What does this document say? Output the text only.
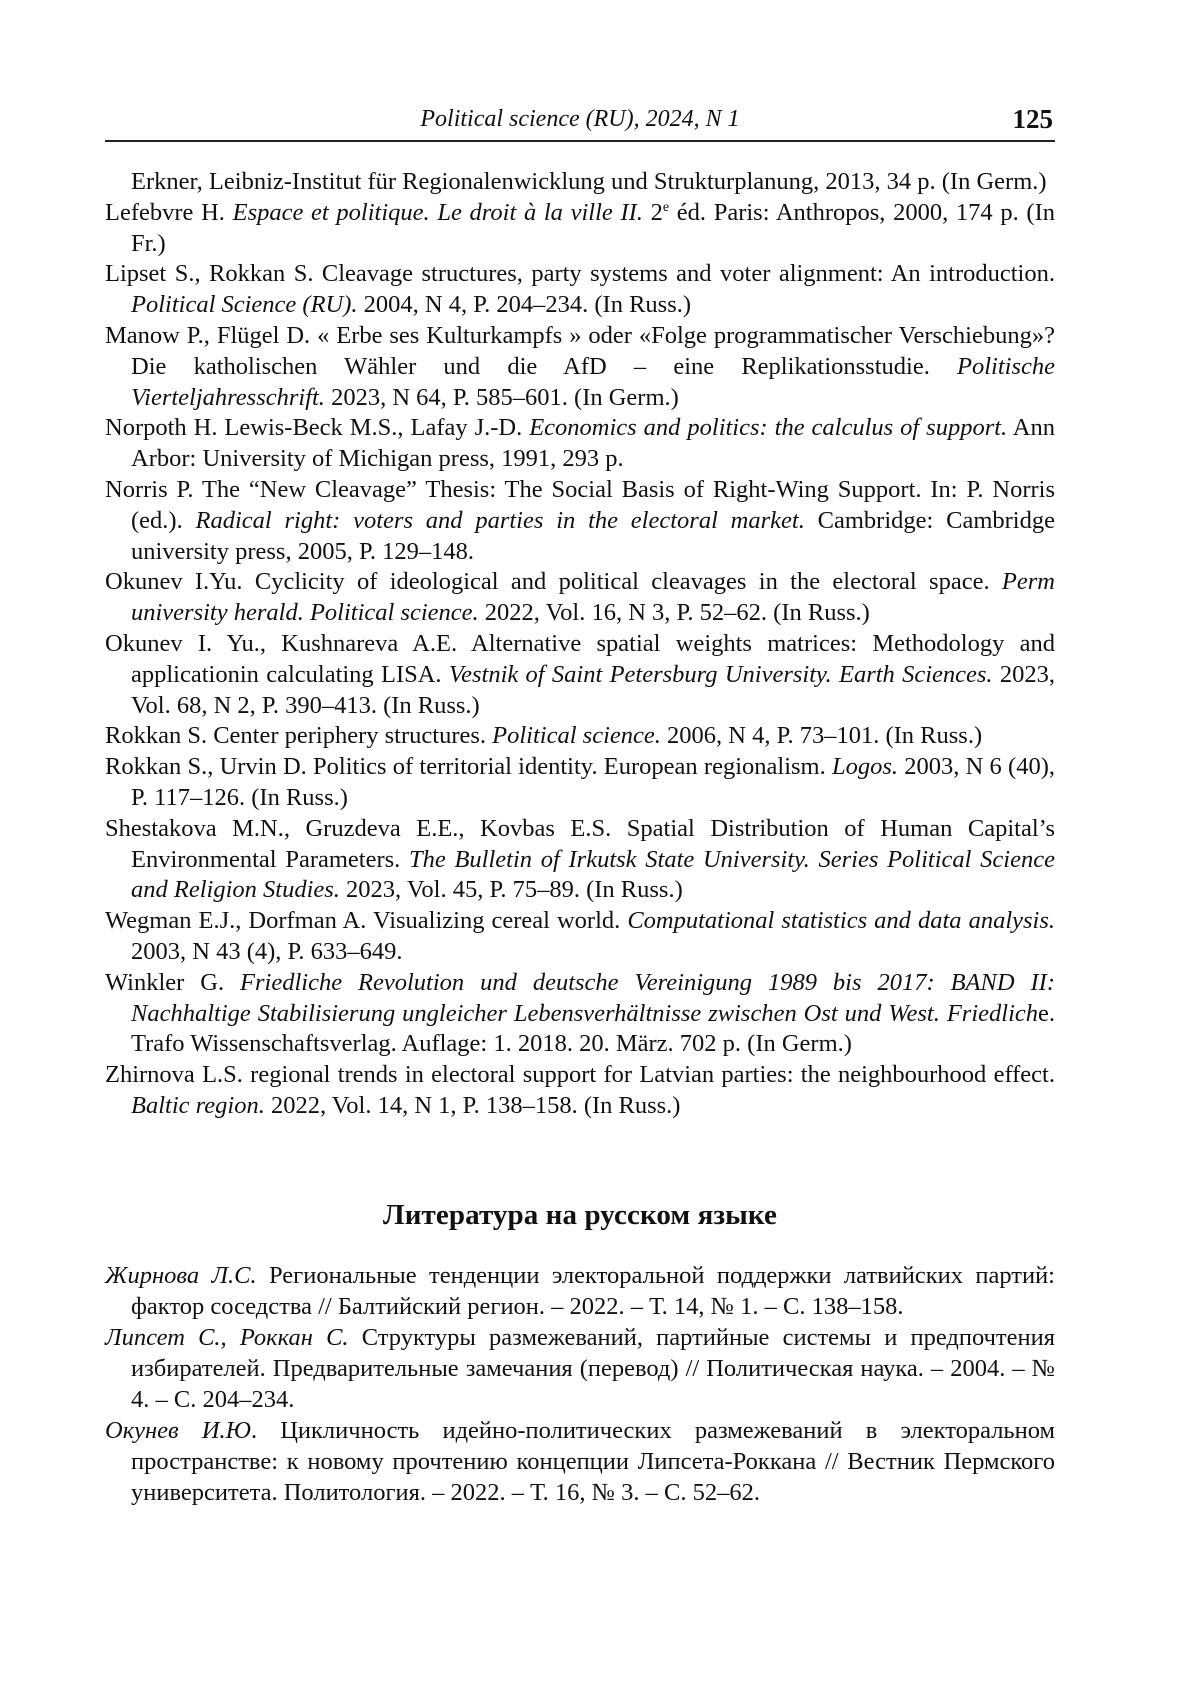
Political science (RU), 2024, N 1	125

Erkner, Leibniz-Institut für Regionalenwicklung und Strukturplanung, 2013, 34 p. (In Germ.)

Lefebvre H. Espace et politique. Le droit à la ville II. 2e éd. Paris: Anthropos, 2000, 174 p. (In Fr.)

Lipset S., Rokkan S. Cleavage structures, party systems and voter alignment: An intro­duction. Political Science (RU). 2004, N 4, P. 204–234. (In Russ.)

Manow P., Flügel D. « Erbe ses Kulturkampfs » oder «Folge programmatischer Verschiebung»? Die katholischen Wähler und die AfD – eine Replikationsstudie. Politische Vierteljahresschrift. 2023, N 64, P. 585–601. (In Germ.)

Norpoth H. Lewis-Beck M.S., Lafay J.-D. Economics and politics: the calculus of support. Ann Arbor: University of Michigan press, 1991, 293 p.

Norris P. The “New Cleavage” Thesis: The Social Basis of Right-Wing Support. In: P. Norris (ed.). Radical right: voters and parties in the electoral market. Cambridge: Cambridge university press, 2005, P. 129–148.

Okunev I.Yu. Cyclicity of ideological and political cleavages in the electoral space. Perm university herald. Political science. 2022, Vol. 16, N 3, P. 52–62. (In Russ.)

Okunev I. Yu., Kushnareva A.E. Alternative spatial weights matrices: Methodology and applicationin calculating LISA. Vestnik of Saint Petersburg University. Earth Sciences. 2023, Vol. 68, N 2, P. 390–413. (In Russ.)

Rokkan S. Center periphery structures. Political science. 2006, N 4, P. 73–101. (In Russ.)

Rokkan S., Urvin D. Politics of territorial identity. European regionalism. Logos. 2003, N 6 (40), P. 117–126. (In Russ.)

Shestakova M.N., Gruzdeva E.E., Kovbas E.S. Spatial Distribution of Human Capital’s Environmental Parameters. The Bulletin of Irkutsk State University. Series Political Science and Religion Studies. 2023, Vol. 45, P. 75–89. (In Russ.)

Wegman E.J., Dorfman A. Visualizing cereal world. Computational statistics and data analysis. 2003, N 43 (4), P. 633–649.

Winkler G. Friedliche Revolution und deutsche Vereinigung 1989 bis 2017: BAND II: Nachhaltige Stabilisierung ungleicher Lebensverhältnisse zwischen Ost und West. Friedliche. Trafo Wissenschaftsverlag. Auflage: 1. 2018. 20. März. 702 p. (In Germ.)

Zhirnova L.S. regional trends in electoral support for Latvian parties: the neigh­bourhood effect. Baltic region. 2022, Vol. 14, N 1, P. 138–158. (In Russ.)

Литература на русском языке

Жирнова Л.С. Региональные тенденции электоральной поддержки латвийских пар­тий: фактор соседства // Балтийский регион. – 2022. – Т. 14, № 1. – С. 138–158.

Липсет С., Роккан С. Структуры размежеваний, партийные системы и предпочте­ния избирателей. Предварительные замечания (перевод) // Политическая наука. – 2004. – № 4. – С. 204–234.

Окунев И.Ю. Цикличность идейно-политических размежеваний в электоральном пространстве: к новому прочтению концепции Липсета-Роккана // Вестник Пермского университета. Политология. – 2022. – Т. 16, № 3. – С. 52–62.
